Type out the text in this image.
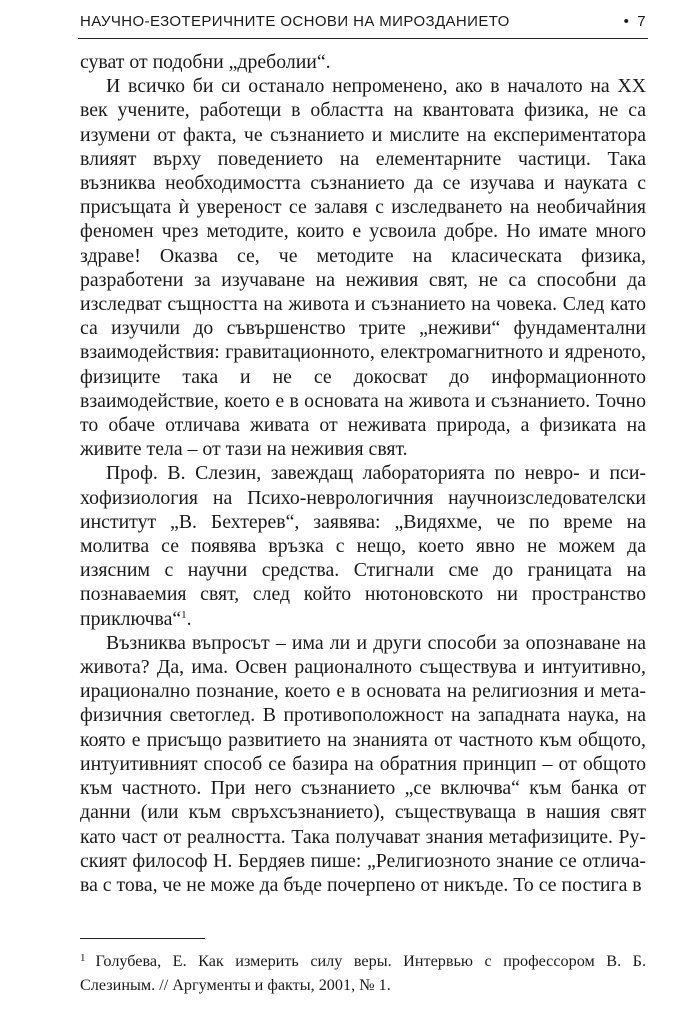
НАУЧНО-ЕЗОТЕРИЧНИТЕ ОСНОВИ НА МИРОЗДАНИЕТО	• 7

суват от подобни „дреболии“.

И всичко би си останало непроменено, ако в началото на XX век учените, работещи в областта на квантовата физика, не са изумени от факта, че съзнанието и мислите на експериментатора влияят върху поведението на елементарните частици. Така възниква необходимостта съзнанието да се изучава и науката с присъщата ѝ увереност се залавя с изследването на необичайния феномен чрез методите, които е усвоила добре. Но имате много здраве! Оказва се, че методите на класическата физика, разработени за изучаване на неживия свят, не са способни да изследват същността на живота и съзнанието на човека. След като са изучили до съвършенство трите „неживи“ фундаментални взаимодействия: гравитационното, електромагнитното и ядреното, физиците така и не се докосват до информационното взаимодействие, което е в основата на живота и съзнанието. Точно то обаче отличава живата от неживата природа, а физиката на живите тела – от тази на неживия свят.

Проф. В. Слезин, завеждащ лабораторията по невро- и психофизиология на Психо-неврологичния научноизследователски институт „В. Бехтерев“, заявява: „Видяхме, че по време на молитва се появява връзка с нещо, което явно не можем да изясним с научни средства. Стигнали сме до границата на познаваемия свят, след който нютоновското ни пространство приключва“$^1$.

Възниква въпросът – има ли и други способи за опознаване на живота? Да, има. Освен рационалното съществува и интуитивно, ирационално познание, което е в основата на религиозния и метафизичния светоглед. В противоположност на западната наука, на която е присъщо развитието на знанията от частното към общото, интуитивният способ се базира на обратния принцип – от общото към частното. При него съзнанието „се включва“ към банка от данни (или към свръхсъзнанието), съществуваща в нашия свят като част от реалността. Така получават знания метафизиците. Руският философ Н. Бердяев пише: „Религиозното знание се отличава с това, че не може да бъде почерпено от никъде. То се постига в

$^1$ Голубева, Е. Как измерить силу веры. Интервью с профессором В. Б. Слезиным. // Аргументы и факты, 2001, № 1.
